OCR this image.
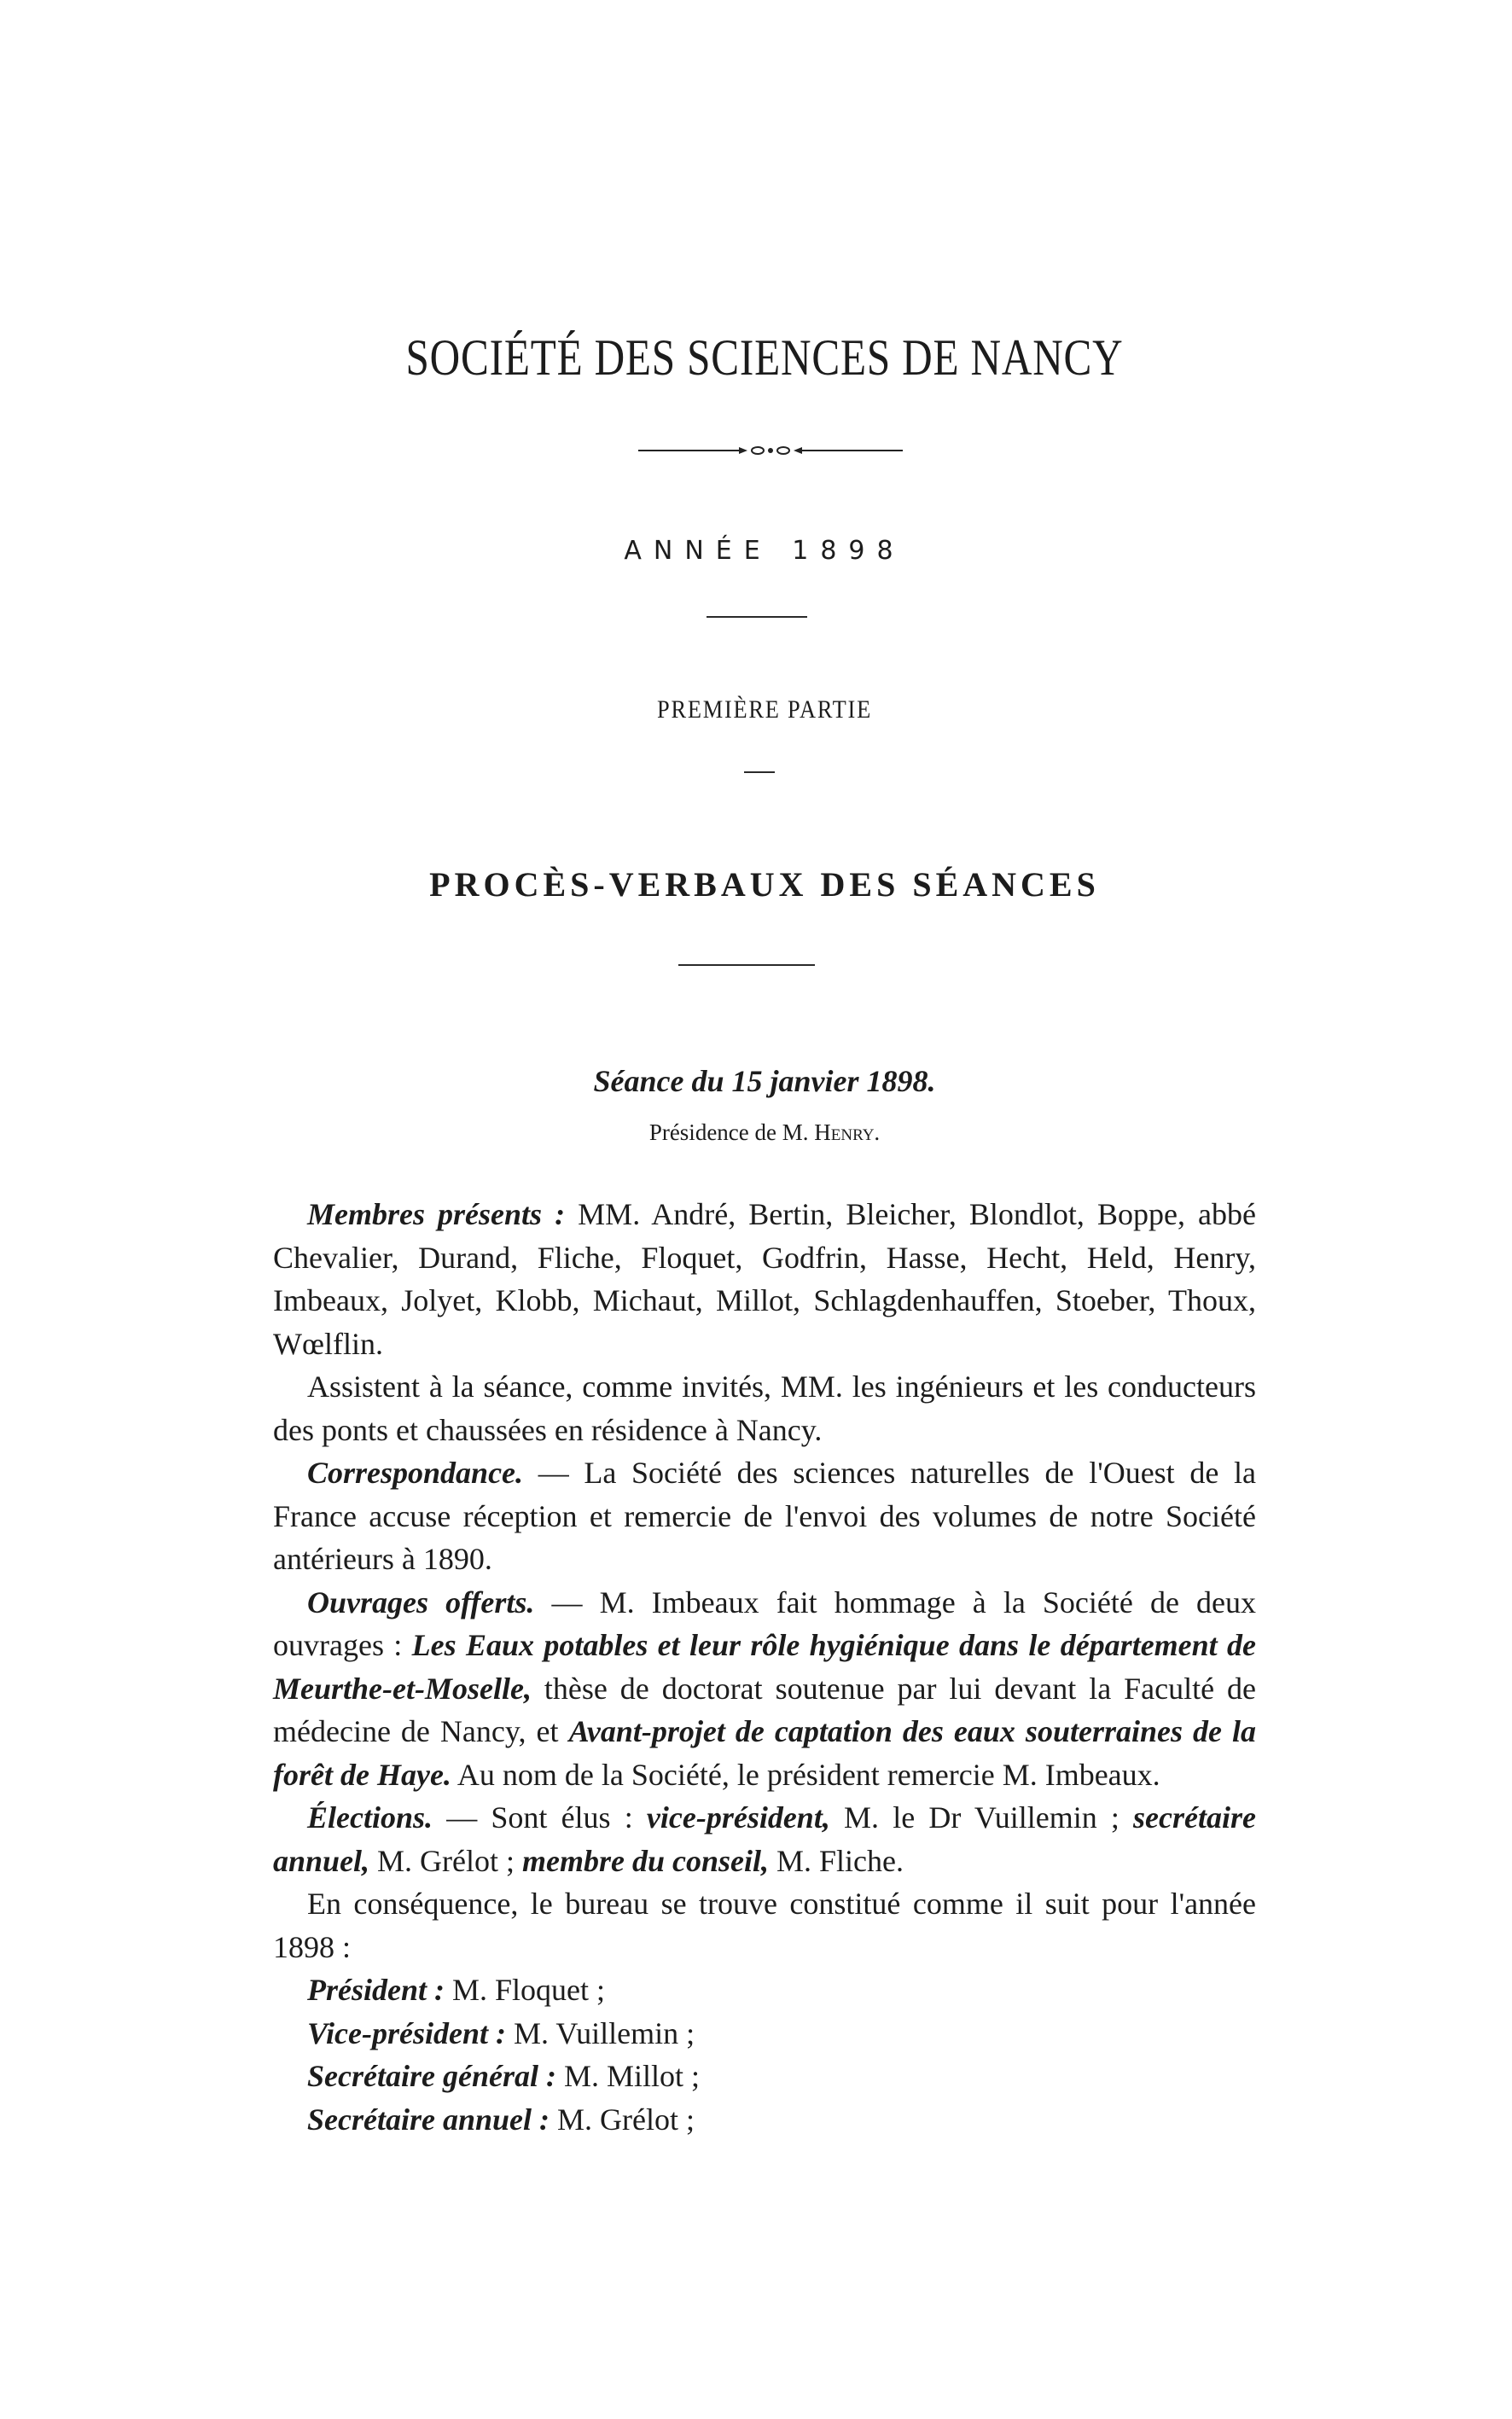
SOCIÉTÉ DES SCIENCES DE NANCY
ANNÉE 1898
PREMIÈRE PARTIE
PROCÈS-VERBAUX DES SÉANCES
Séance du 15 janvier 1898.
Présidence de M. Henry.

Membres présents : MM. André, Bertin, Bleicher, Blondlot, Boppe, abbé Chevalier, Durand, Fliche, Floquet, Godfrin, Hasse, Hecht, Held, Henry, Imbeaux, Jolyet, Klobb, Michaut, Millot, Schlagdenhauffen, Stoeber, Thoux, Wœlflin.

Assistent à la séance, comme invités, MM. les ingénieurs et les conducteurs des ponts et chaussées en résidence à Nancy.

Correspondance. — La Société des sciences naturelles de l'Ouest de la France accuse réception et remercie de l'envoi des volumes de notre Société antérieurs à 1890.

Ouvrages offerts. — M. Imbeaux fait hommage à la Société de deux ouvrages : Les Eaux potables et leur rôle hygiénique dans le département de Meurthe-et-Moselle, thèse de doctorat soutenue par lui devant la Faculté de médecine de Nancy, et Avant-projet de captation des eaux souterraines de la forêt de Haye. Au nom de la Société, le président remercie M. Imbeaux.

Élections. — Sont élus : vice-président, M. le Dr Vuillemin ; secrétaire annuel, M. Grélot ; membre du conseil, M. Fliche.

En conséquence, le bureau se trouve constitué comme il suit pour l'année 1898 :

Président : M. Floquet ;
Vice-président : M. Vuillemin ;
Secrétaire général : M. Millot ;
Secrétaire annuel : M. Grélot ;
